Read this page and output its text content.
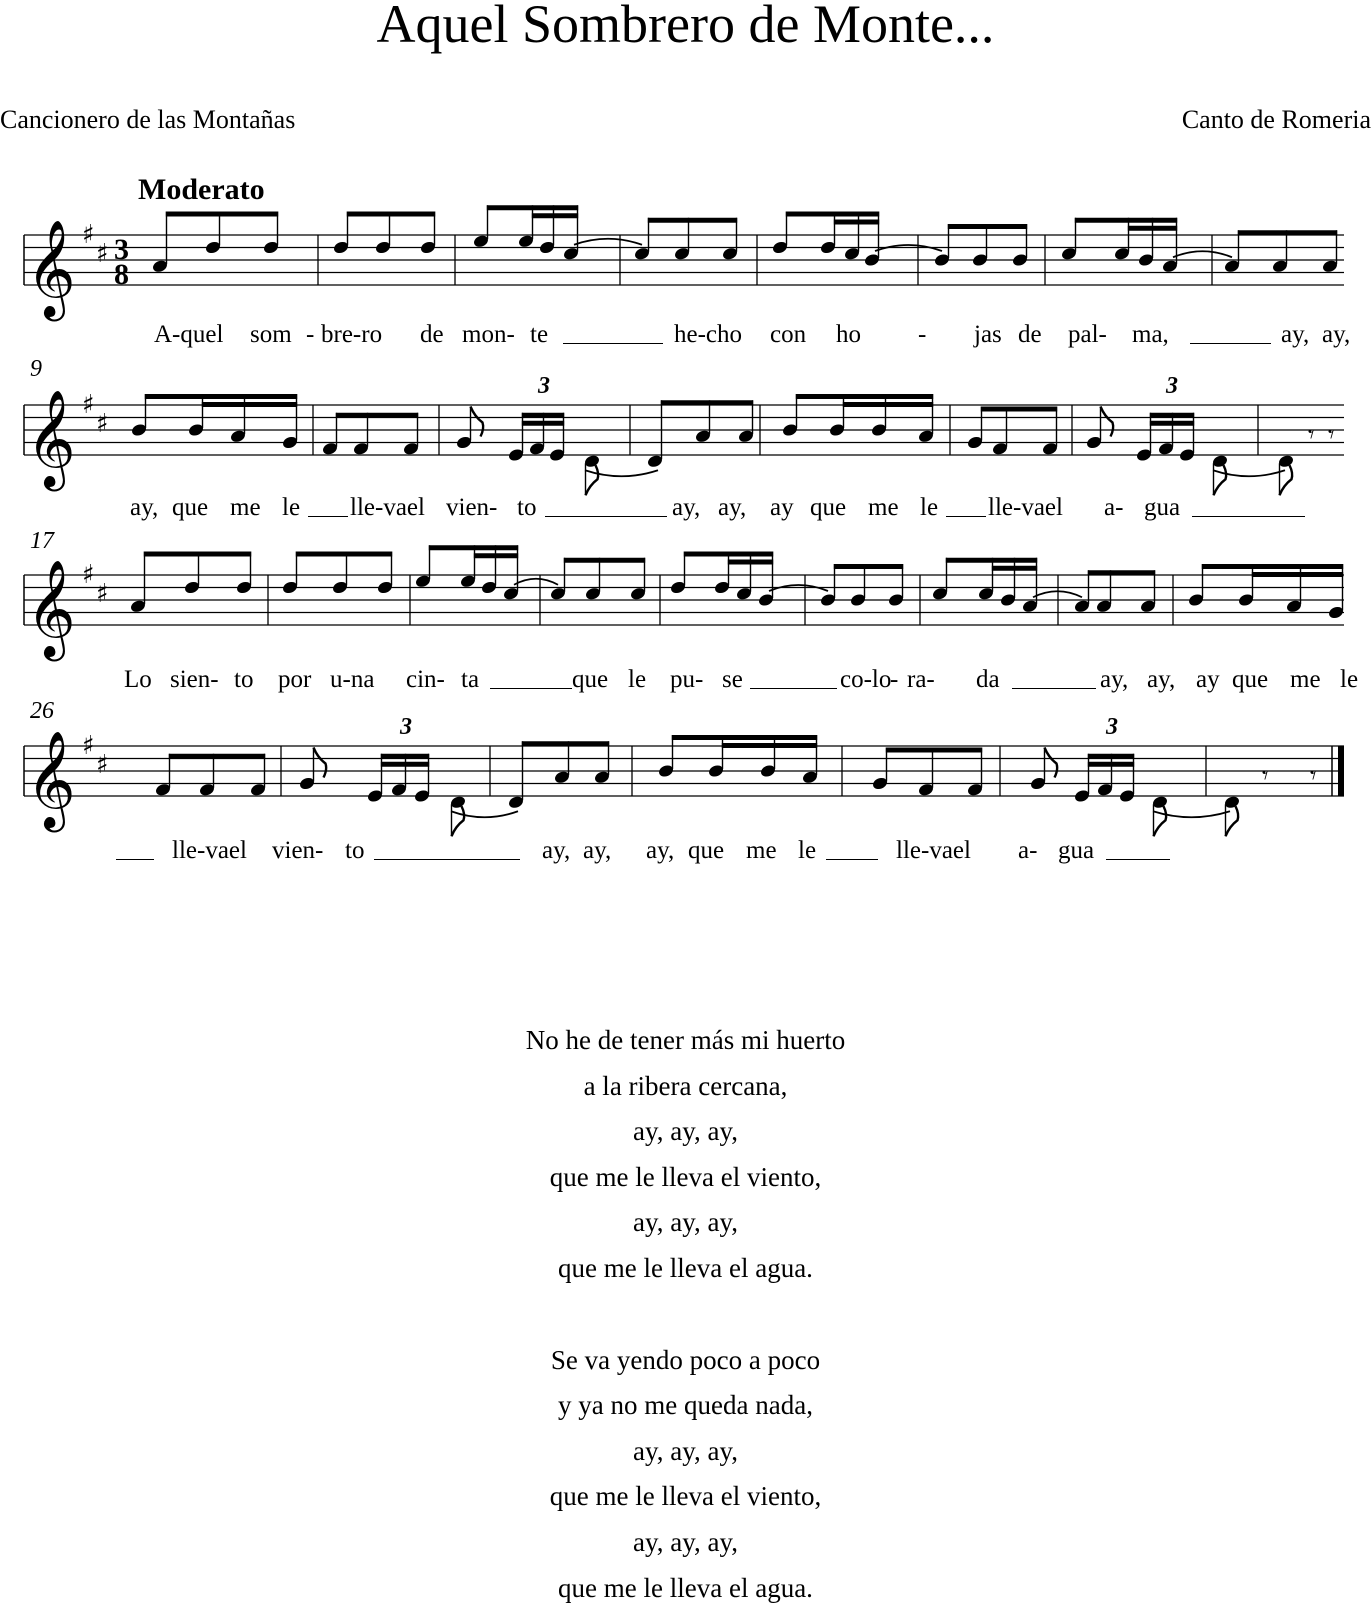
Aquel Sombrero de Monte...
Cancionero de las Montañas	Canto de Romeria
Moderato
9
17
26
𝄞 ♯
♯ 3
8
𝄞 ♯
♯
3	3
𝄾 𝄾
𝄞 ♯
♯
𝄞 ♯
♯
3	3
𝄾 𝄾
A-quel som - bre-ro de mon- te	he-cho con ho - jas de pal- ma,	ay, ay,
ay, que me le lle-vael vien- to	ay, ay, ay que me le lle-vael a- gua
Lo sien- to por u-na cin- ta	que le pu- se	co-lo
- ra- da	ay, ay, ay que me le
lle-vael vien- to	ay, ay, ay, que me le	lle-vael a- gua
No he de tener más mi huerto
a la ribera cercana,
ay, ay, ay,
que me le lleva el viento,
ay, ay, ay,
que me le lleva el agua.
Se va yendo poco a poco
y ya no me queda nada,
ay, ay, ay,
que me le lleva el viento,
ay, ay, ay,
que me le lleva el agua.
